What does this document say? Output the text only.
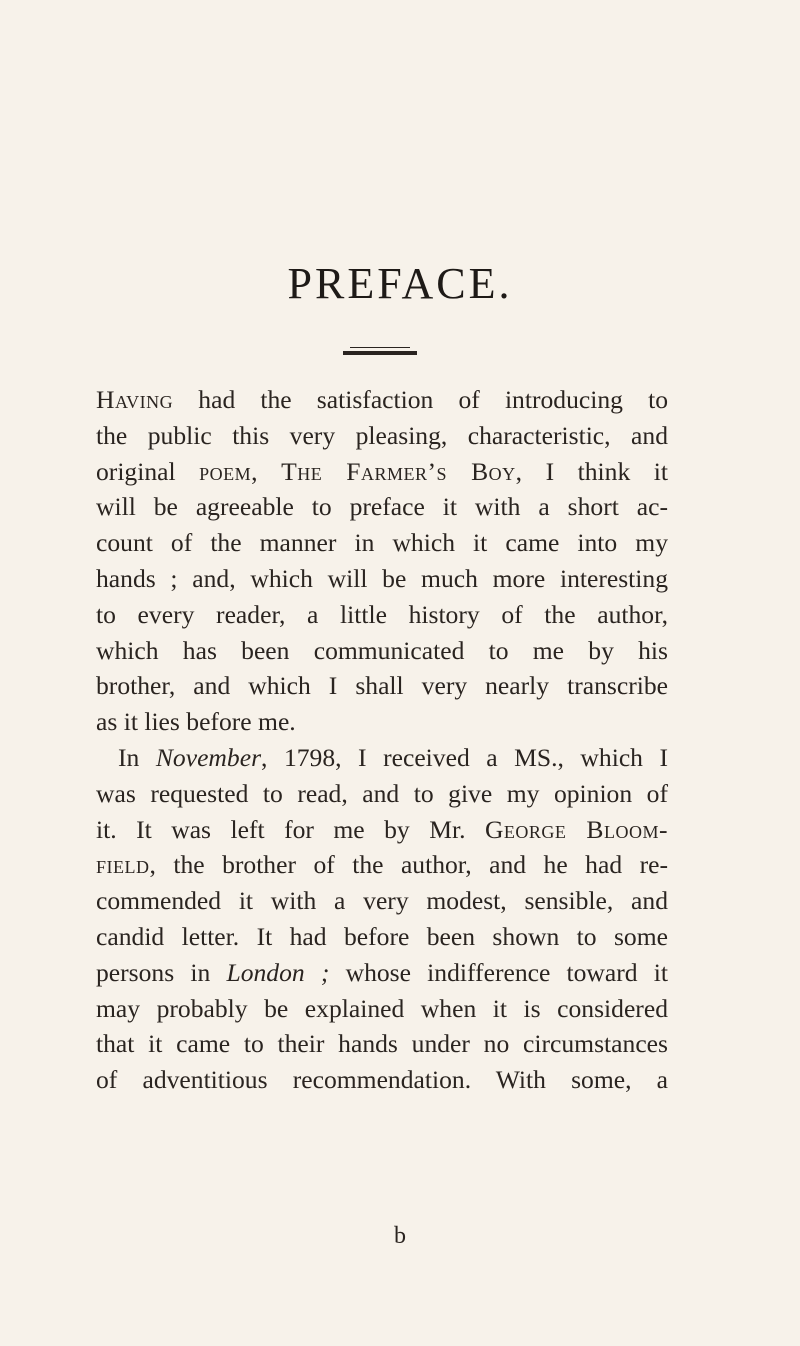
PREFACE.
Having had the satisfaction of introducing to
the public this very pleasing, characteristic, and
original poem, The Farmer’s Boy, I think it
will be agreeable to preface it with a short ac-
count of the manner in which it came into my
hands ; and, which will be much more interesting
to every reader, a little history of the author,
which has been communicated to me by his
brother, and which I shall very nearly transcribe
as it lies before me.
In November, 1798, I received a MS., which I
was requested to read, and to give my opinion of
it. It was left for me by Mr. George Bloom-
field, the brother of the author, and he had re-
commended it with a very modest, sensible, and
candid letter. It had before been shown to some
persons in London ; whose indifference toward it
may probably be explained when it is considered
that it came to their hands under no circumstances
of adventitious recommendation. With some, a
b
